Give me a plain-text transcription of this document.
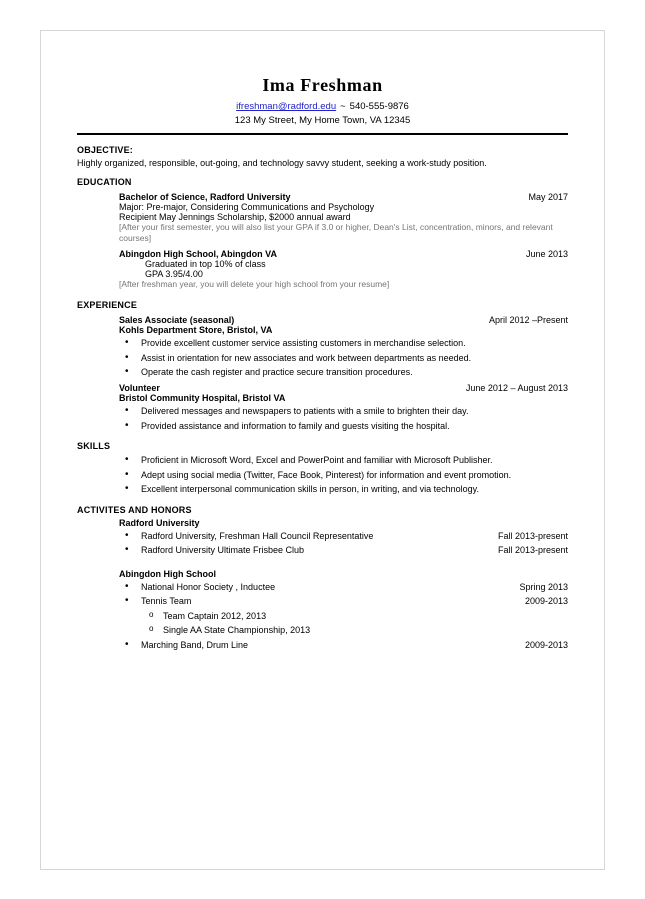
Ima Freshman
ifreshman@radford.edu ~ 540-555-9876
123 My Street, My Home Town, VA 12345
OBJECTIVE:
Highly organized, responsible, out-going, and technology savvy student, seeking a work-study position.
EDUCATION
Bachelor of Science, Radford University	May 2017
Major: Pre-major, Considering Communications and Psychology
Recipient May Jennings Scholarship, $2000 annual award
[After your first semester, you will also list your GPA if 3.0 or higher, Dean's List, concentration, minors, and relevant courses]
Abingdon High School, Abingdon VA	June 2013
Graduated in top 10% of class
GPA 3.95/4.00
[After freshman year, you will delete your high school from your resume]
EXPERIENCE
Sales Associate (seasonal)	April 2012 –Present
Kohls Department Store, Bristol, VA
• Provide excellent customer service assisting customers in merchandise selection.
• Assist in orientation for new associates and work between departments as needed.
• Operate the cash register and practice secure transition procedures.
Volunteer	June 2012 – August 2013
Bristol Community Hospital, Bristol VA
• Delivered messages and newspapers to patients with a smile to brighten their day.
• Provided assistance and information to family and guests visiting the hospital.
SKILLS
• Proficient in Microsoft Word, Excel and PowerPoint and familiar with Microsoft Publisher.
• Adept using social media (Twitter, Face Book, Pinterest) for information and event promotion.
• Excellent interpersonal communication skills in person, in writing, and via technology.
ACTIVITES AND HONORS
Radford University
• Radford University, Freshman Hall Council Representative	Fall 2013-present
• Radford University Ultimate Frisbee Club	Fall 2013-present
Abingdon High School
• National Honor Society , Inductee	Spring 2013
• Tennis Team	2009-2013
o Team Captain 2012, 2013
o Single AA State Championship, 2013
• Marching Band, Drum Line	2009-2013
